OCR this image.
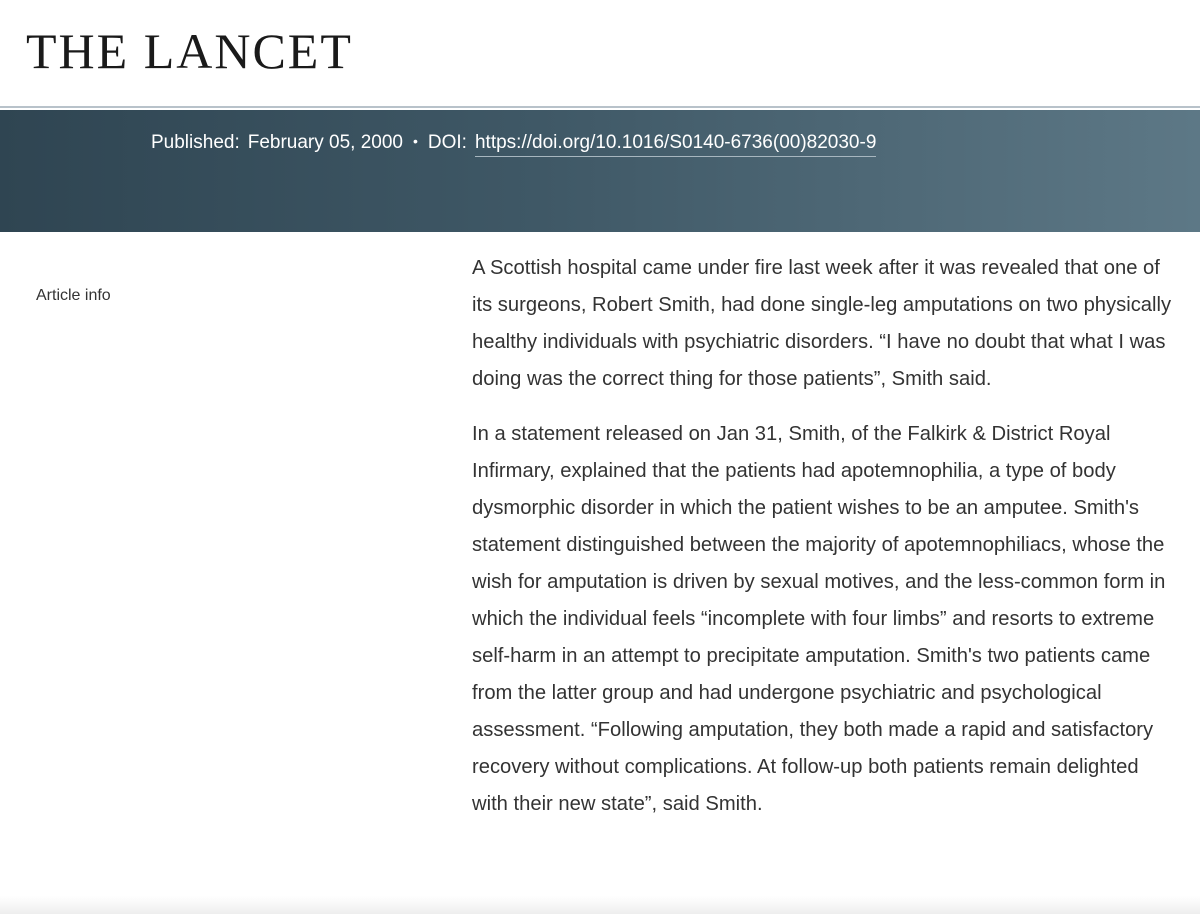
THE LANCET
Published: February 05, 2000 • DOI: https://doi.org/10.1016/S0140-6736(00)82030-9
Article info

A Scottish hospital came under fire last week after it was revealed that one of its surgeons, Robert Smith, had done single-leg amputations on two physically healthy individuals with psychiatric disorders. “I have no doubt that what I was doing was the correct thing for those patients”, Smith said.

In a statement released on Jan 31, Smith, of the Falkirk & District Royal Infirmary, explained that the patients had apotemnophilia, a type of body dysmorphic disorder in which the patient wishes to be an amputee. Smith's statement distinguished between the majority of apotemnophiliacs, whose the wish for amputation is driven by sexual motives, and the less-common form in which the individual feels “incomplete with four limbs” and resorts to extreme self-harm in an attempt to precipitate amputation. Smith's two patients came from the latter group and had undergone psychiatric and psychological assessment. “Following amputation, they both made a rapid and satisfactory recovery without complications. At follow-up both patients remain delighted with their new state”, said Smith.
